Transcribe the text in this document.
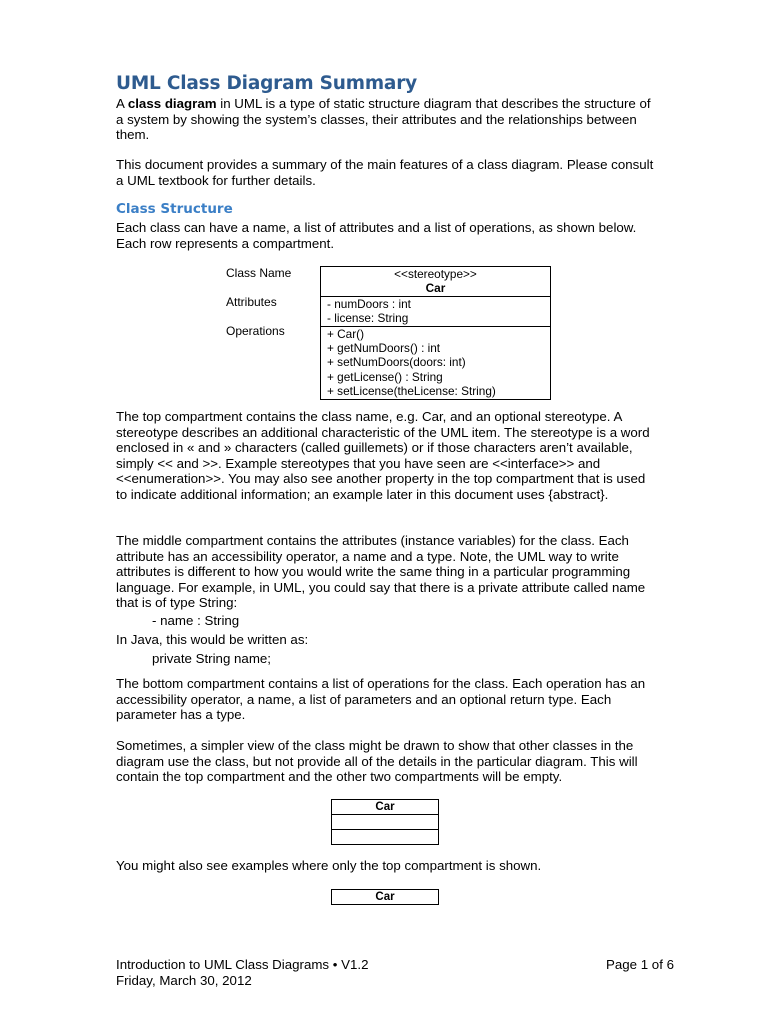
UML Class Diagram Summary

A class diagram in UML is a type of static structure diagram that describes the structure of a system by showing the system’s classes, their attributes and the relationships between them.

This document provides a summary of the main features of a class diagram. Please consult a UML textbook for further details.
Class Structure
Each class can have a name, a list of attributes and a list of operations, as shown below. Each row represents a compartment.
Class Name
Attributes
Operations
<<stereotype>>
Car
- numDoors : int
- license: String
+ Car()
+ getNumDoors() : int
+ setNumDoors(doors: int)
+ getLicense() : String
+ setLicense(theLicense: String)
The top compartment contains the class name, e.g. Car, and an optional stereotype. A stereotype describes an additional characteristic of the UML item. The stereotype is a word enclosed in « and » characters (called guillemets) or if those characters aren’t available, simply << and >>. Example stereotypes that you have seen are <<interface>> and <<enumeration>>. You may also see another property in the top compartment that is used to indicate additional information; an example later in this document uses {abstract}.
The middle compartment contains the attributes (instance variables) for the class. Each attribute has an accessibility operator, a name and a type. Note, the UML way to write attributes is different to how you would write the same thing in a particular programming language. For example, in UML, you could say that there is a private attribute called name that is of type String:
- name : String
In Java, this would be written as:
private String name;
The bottom compartment contains a list of operations for the class. Each operation has an accessibility operator, a name, a list of parameters and an optional return type. Each parameter has a type.
Sometimes, a simpler view of the class might be drawn to show that other classes in the diagram use the class, but not provide all of the details in the particular diagram. This will contain the top compartment and the other two compartments will be empty.
Car
You might also see examples where only the top compartment is shown.
Car
Introduction to UML Class Diagrams • V1.2
Friday, March 30, 2012
Page 1 of 6
